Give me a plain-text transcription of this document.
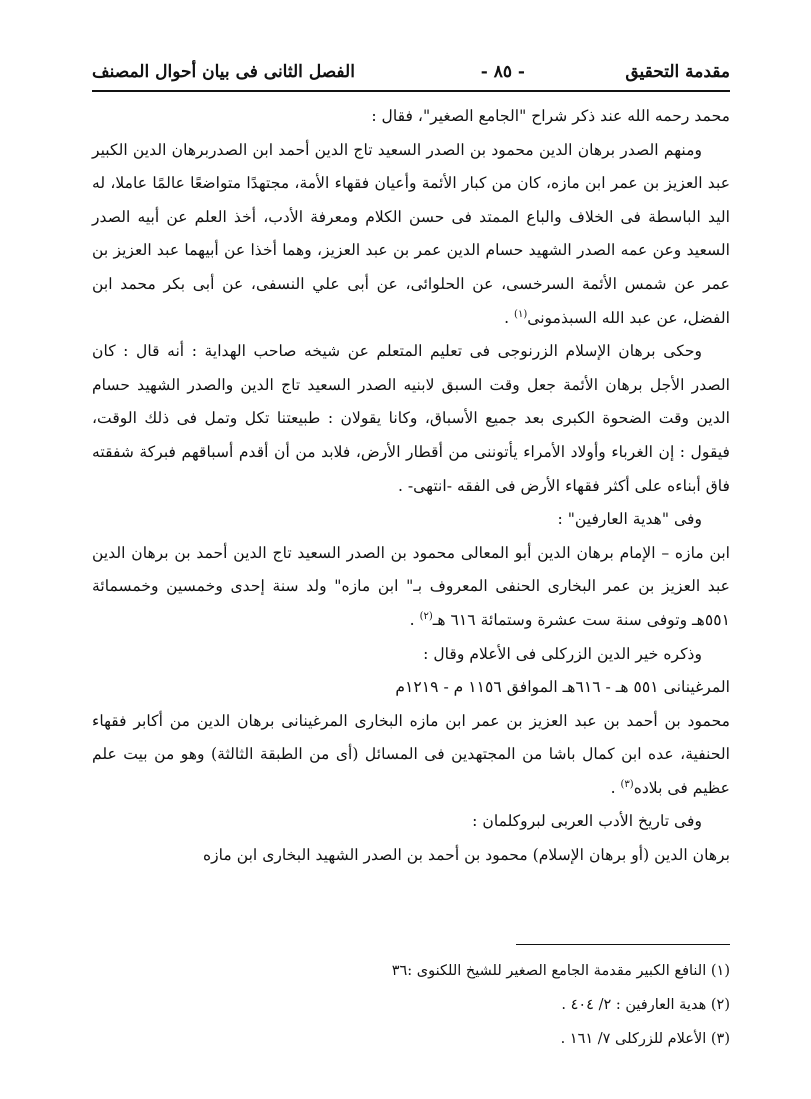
مقدمة التحقيق
- ٨٥ -
الفصل الثانى فى بيان أحوال المصنف

محمد رحمه الله عند ذكر شراح "الجامع الصغير"، فقال :

ومنهم الصدر برهان الدين محمود بن الصدر السعيد تاج الدين أحمد ابن الصدربرهان الدين الكبير عبد العزيز بن عمر ابن مازه، كان من كبار الأئمة وأعيان فقهاء الأمة، مجتهدًا متواضعًا عالمًا عاملا، له اليد الباسطة فى الخلاف والباع الممتد فى حسن الكلام ومعرفة الأدب، أخذ العلم عن أبيه الصدر السعيد وعن عمه الصدر الشهيد حسام الدين عمر بن عبد العزيز، وهما أخذا عن أبيهما عبد العزيز بن عمر عن شمس الأئمة السرخسى، عن الحلوائى، عن أبى علي النسفى، عن أبى بكر محمد ابن الفضل، عن عبد الله السبذمونى$^{(١)}$ .

وحكى برهان الإسلام الزرنوجى فى تعليم المتعلم عن شيخه صاحب الهداية : أنه قال : كان الصدر الأجل برهان الأئمة جعل وقت السبق لابنيه الصدر السعيد تاج الدين والصدر الشهيد حسام الدين وقت الضحوة الكبرى بعد جميع الأسباق، وكانا يقولان : طبيعتنا تكل وتمل فى ذلك الوقت، فيقول : إن الغرباء وأولاد الأمراء يأتوننى من أقطار الأرض، فلابد من أن أقدم أسباقهم فبركة شفقته فاق أبناءه على أكثر فقهاء الأرض فى الفقه -انتهى- .

وفى "هدية العارفين" :

ابن مازه – الإمام برهان الدين أبو المعالى محمود بن الصدر السعيد تاج الدين أحمد بن برهان الدين عبد العزيز بن عمر البخارى الحنفى المعروف بـ" ابن مازه" ولد سنة إحدى وخمسين وخمسمائة ٥٥١هـ وتوفى سنة ست عشرة وستمائة ٦١٦ هـ$^{(٢)}$ .

وذكره خير الدين الزركلى فى الأعلام وقال :

المرغينانى ٥٥١ هـ - ٦١٦هـ الموافق ١١٥٦ م - ١٢١٩م

محمود بن أحمد بن عبد العزيز بن عمر ابن مازه البخارى المرغينانى برهان الدين من أكابر فقهاء الحنفية، عده ابن كمال باشا من المجتهدين فى المسائل (أى من الطبقة الثالثة) وهو من بيت علم عظيم فى بلاده$^{(٣)}$ .

وفى تاريخ الأدب العربى لبروكلمان :

برهان الدين (أو برهان الإسلام) محمود بن أحمد بن الصدر الشهيد البخارى ابن مازه

(١) النافع الكبير مقدمة الجامع الصغير للشيخ اللكنوى :٣٦

(٢) هدية العارفين : ٢/ ٤٠٤ .

(٣) الأعلام للزركلى ٧/ ١٦١ .
